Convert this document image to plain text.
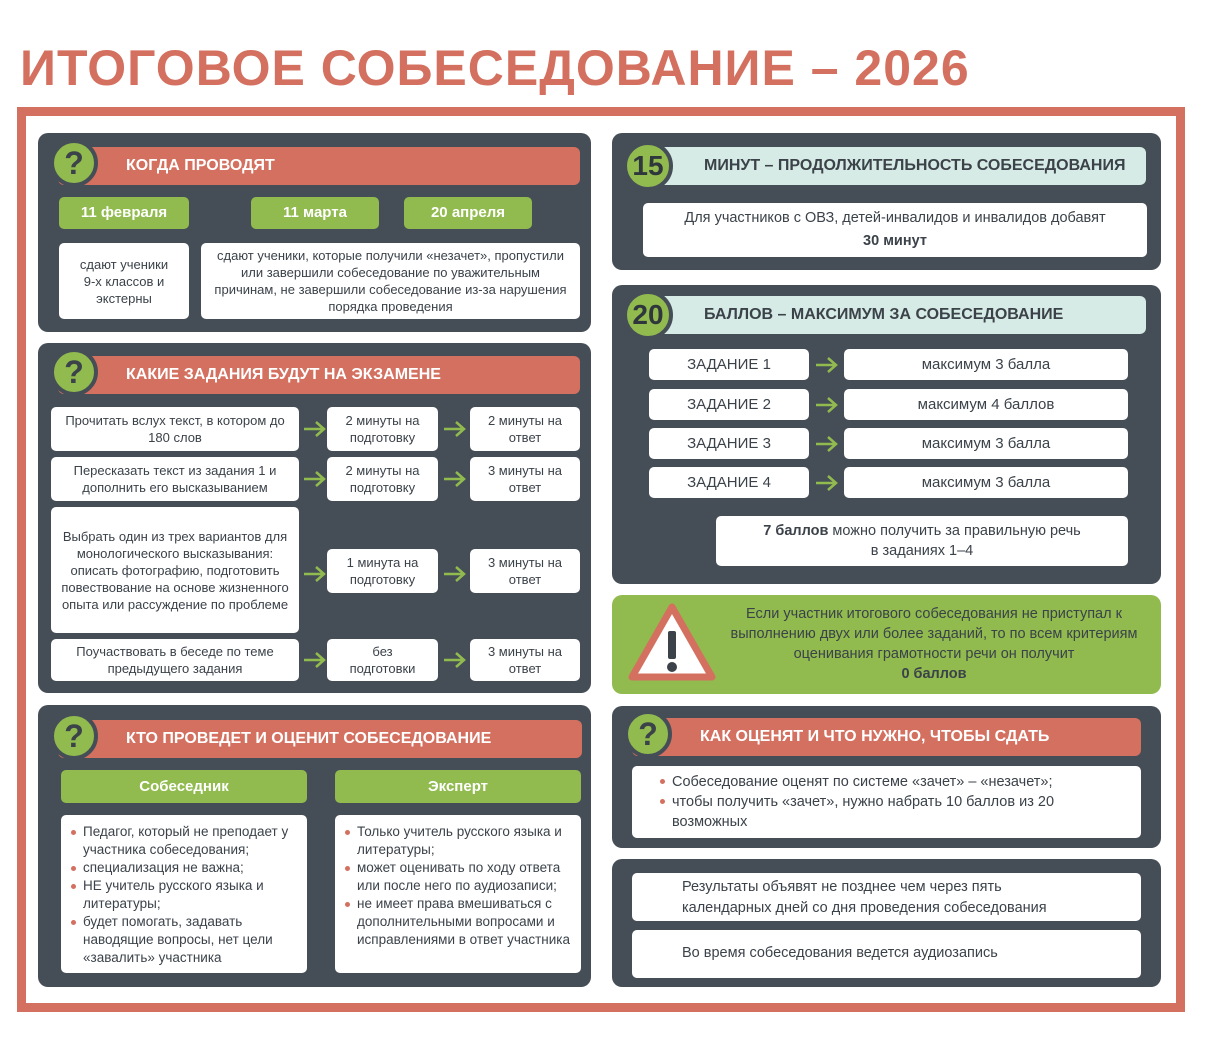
ИТОГОВОЕ СОБЕСЕДОВАНИЕ – 2026
КОГДА ПРОВОДЯТ
?
11 февраля	11 марта	20 апреля
сдают ученики 9-х классов и экстерны
сдают ученики, которые получили «незачет», пропустили или завершили собеседование по уважительным причинам, не завершили собеседование из-за нарушения порядка проведения
КАКИЕ ЗАДАНИЯ БУДУТ НА ЭКЗАМЕНЕ
?
Прочитать вслух текст, в котором до 180 слов
2 минуты на подготовку
2 минуты на ответ
Пересказать текст из задания 1 и дополнить его высказыванием
2 минуты на подготовку
3 минуты на ответ
Выбрать один из трех вариантов для монологического высказывания: описать фотографию, подготовить повествование на основе жизненного опыта или рассуждение по проблеме
1 минута на подготовку
3 минуты на ответ
Поучаствовать в беседе по теме предыдущего задания
без подготовки
3 минуты на ответ
КТО ПРОВЕДЕТ И ОЦЕНИТ СОБЕСЕДОВАНИЕ
?
Собеседник	Эксперт
Педагог, который не преподает у участника собеседования;
специализация не важна;
НЕ учитель русского языка и литературы;
будет помогать, задавать наводящие вопросы, нет цели «завалить» участника
Только учитель русского языка и литературы;
может оценивать по ходу ответа или после него по аудиозаписи;
не имеет права вмешиваться с дополнительными вопросами и исправлениями в ответ участника
МИНУТ – ПРОДОЛЖИТЕЛЬНОСТЬ СОБЕСЕДОВАНИЯ
15
Для участников с ОВЗ, детей-инвалидов и инвалидов добавят
30 минут
БАЛЛОВ – МАКСИМУМ ЗА СОБЕСЕДОВАНИЕ
20
ЗАДАНИЕ 1	максимум 3 балла
ЗАДАНИЕ 2	максимум 4 баллов
ЗАДАНИЕ 3	максимум 3 балла
ЗАДАНИЕ 4	максимум 3 балла
7 баллов можно получить за правильную речь
в заданиях 1–4
Если участник итогового собеседования не приступал к выполнению двух или более заданий, то по всем критериям оценивания грамотности речи он получит
0 баллов
КАК ОЦЕНЯТ И ЧТО НУЖНО, ЧТОБЫ СДАТЬ
?
Собеседование оценят по системе «зачет» – «незачет»;
чтобы получить «зачет», нужно набрать 10 баллов из 20 возможных
Результаты объявят не позднее чем через пять календарных дней со дня проведения собеседования
Во время собеседования ведется аудиозапись
